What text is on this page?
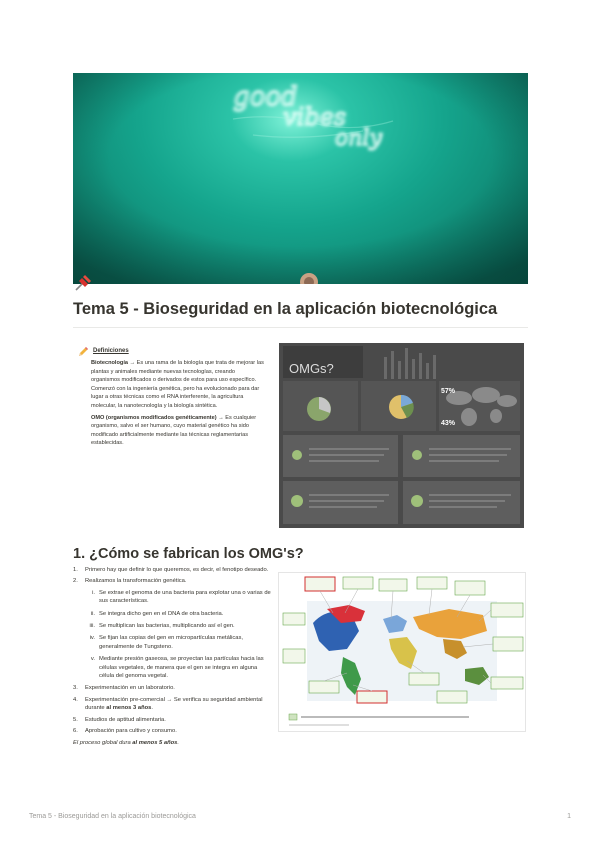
good
vibes
only
Tema 5 - Bioseguridad en la aplicación biotecnológica
Definiciones

Biotecnología → Es una rama de la biología que trata de mejorar las plantas y animales mediante nuevas tecnologías, creando organismos modificados o derivados de estos para uso específico. Comenzó con la ingeniería genética, pero ha evolucionado para dar lugar a otras técnicas como el RNA interferente, la agricultura molecular, la nanotecnología y la biología sintética.

OMO (organismos modificados genéticamente) → Es cualquier organismo, salvo el ser humano, cuyo material genético ha sido modificado artificialmente mediante las técnicas reglamentarias establecidas.

OMGs?
57%
43%
1. ¿Cómo se fabrican los OMG's?
1.	Primero hay que definir lo que queremos, es decir, el fenotipo deseado.
2.	Realizamos la transformación genética.
i. Se extrae el genoma de una bacteria para explotar una o varias de sus características.
ii. Se integra dicho gen en el DNA de otra bacteria.
iii. Se multiplican las bacterias, multiplicando así el gen.
iv. Se fijan las copias del gen en micropartículas metálicas, generalmente de Tungsteno.
v. Mediante presión gaseosa, se proyectan las partículas hacia las células vegetales, de manera que el gen se integra en alguna célula del genoma vegetal.
3.	Experimentación en un laboratorio.
4.	Experimentación pre-comercial → Se verifica su seguridad ambiental durante al menos 3 años.
5.	Estudios de aptitud alimentaria.
6.	Aprobación para cultivo y consumo.
El proceso global dura al menos 5 años.
Tema 5 - Bioseguridad en la aplicación biotecnológica	1
